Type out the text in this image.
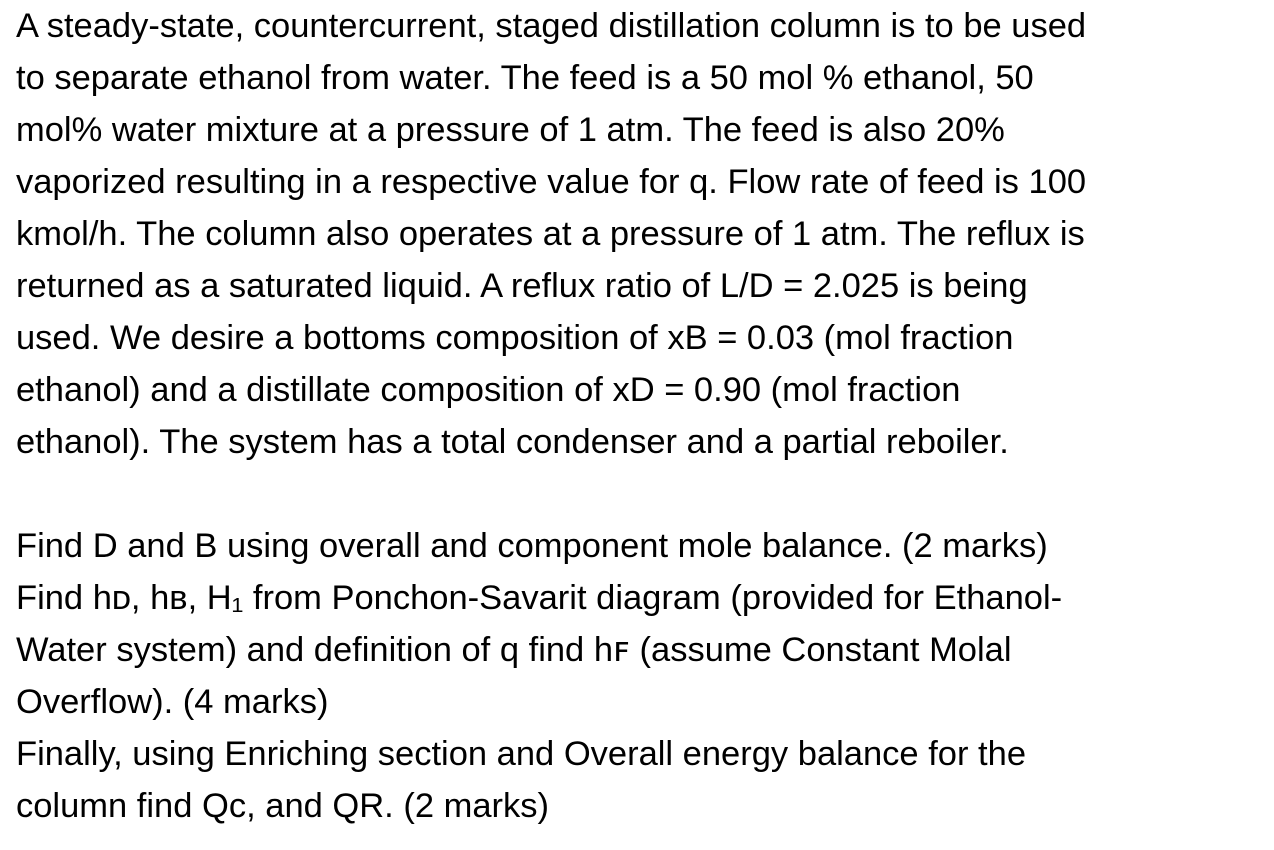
A steady-state, countercurrent, staged distillation column is to be used
to separate ethanol from water. The feed is a 50 mol % ethanol, 50
mol% water mixture at a pressure of 1 atm. The feed is also 20%
vaporized resulting in a respective value for q. Flow rate of feed is 100
kmol/h. The column also operates at a pressure of 1 atm. The reflux is
returned as a saturated liquid. A reflux ratio of L/D = 2.025 is being
used. We desire a bottoms composition of xB = 0.03 (mol fraction
ethanol) and a distillate composition of xD = 0.90 (mol fraction
ethanol). The system has a total condenser and a partial reboiler.
Find D and B using overall and component mole balance. (2 marks)
Find hᴅ, hʙ, H₁ from Ponchon-Savarit diagram (provided for Ethanol-
Water system) and definition of q find hꜰ (assume Constant Molal
Overflow). (4 marks)
Finally, using Enriching section and Overall energy balance for the
column find Qc, and QR. (2 marks)
